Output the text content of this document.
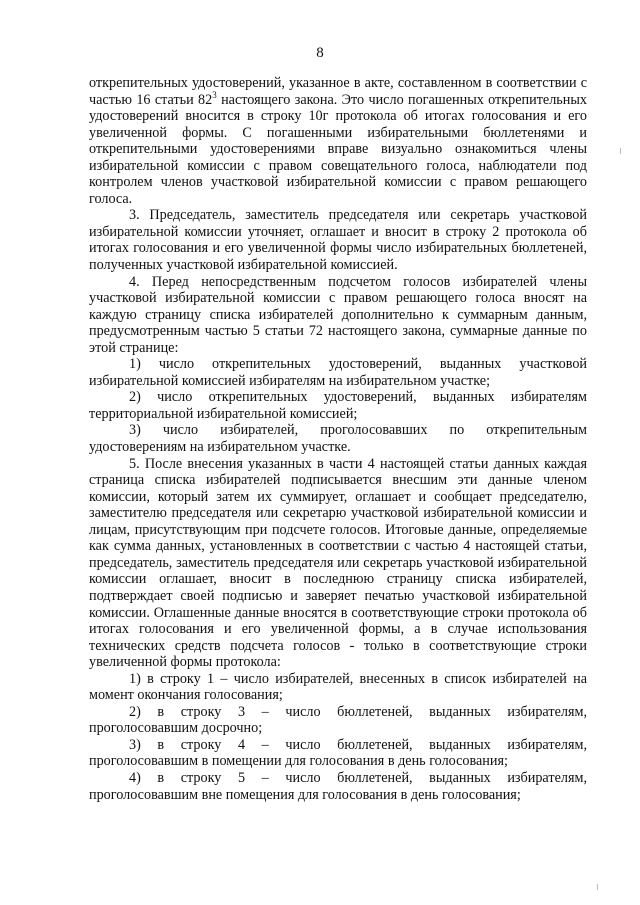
8

открепительных удостоверений, указанное в акте, составленном в соответствии с частью 16 статьи $82^3$ настоящего закона. Это число погашенных открепительных удостоверений вносится в строку 10г протокола об итогах голосования и его увеличенной формы. С погашенными избирательными бюллетенями и открепительными удостоверениями вправе визуально ознакомиться члены избирательной комиссии с правом совещательного голоса, наблюдатели под контролем членов участковой избирательной комиссии с правом решающего голоса.

3. Председатель, заместитель председателя или секретарь участковой избирательной комиссии уточняет, оглашает и вносит в строку 2 протокола об итогах голосования и его увеличенной формы число избирательных бюллетеней, полученных участковой избирательной комиссией.

4. Перед непосредственным подсчетом голосов избирателей члены участковой избирательной комиссии с правом решающего голоса вносят на каждую страницу списка избирателей дополнительно к суммарным данным, предусмотренным частью 5 статьи 72 настоящего закона, суммарные данные по этой странице:

1) число открепительных удостоверений, выданных участковой избирательной комиссией избирателям на избирательном участке;

2) число открепительных удостоверений, выданных избирателям территориальной избирательной комиссией;

3) число избирателей, проголосовавших по открепительным удостоверениям на избирательном участке.

5. После внесения указанных в части 4 настоящей статьи данных каждая страница списка избирателей подписывается внесшим эти данные членом комиссии, который затем их суммирует, оглашает и сообщает председателю, заместителю председателя или секретарю участковой избирательной комиссии и лицам, присутствующим при подсчете голосов. Итоговые данные, определяемые как сумма данных, установленных в соответствии с частью 4 настоящей статьи, председатель, заместитель председателя или секретарь участковой избирательной комиссии оглашает, вносит в последнюю страницу списка избирателей, подтверждает своей подписью и заверяет печатью участковой избирательной комиссии. Оглашенные данные вносятся в соответствующие строки протокола об итогах голосования и его увеличенной формы, а в случае использования технических средств подсчета голосов - только в соответствующие строки увеличенной формы протокола:

1) в строку 1 – число избирателей, внесенных в список избирателей на момент окончания голосования;

2) в строку 3 – число бюллетеней, выданных избирателям, проголосовавшим досрочно;

3) в строку 4 – число бюллетеней, выданных избирателям, проголосовавшим в помещении для голосования в день голосования;

4) в строку 5 – число бюллетеней, выданных избирателям, проголосовавшим вне помещения для голосования в день голосования;
